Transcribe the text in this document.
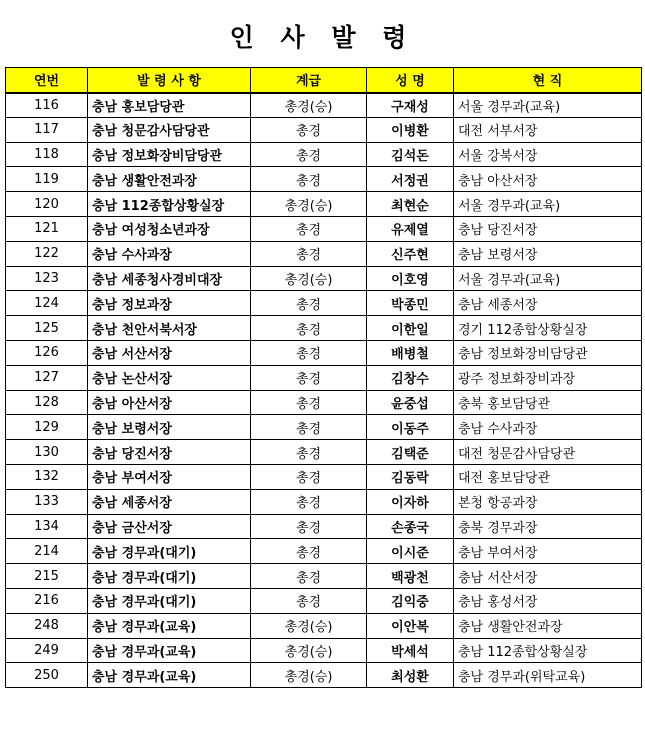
인 사 발 령
연번	발 령 사 항	계급	성 명	현 직
116	충남 홍보담당관	총경(승)	구재성	서울 경무과(교육)
117	충남 청문감사담당관	총경	이병환	대전 서부서장
118	충남 정보화장비담당관	총경	김석돈	서울 강북서장
119	충남 생활안전과장	총경	서정권	충남 아산서장
120	충남 112종합상황실장	총경(승)	최현순	서울 경무과(교육)
121	충남 여성청소년과장	총경	유제열	충남 당진서장
122	충남 수사과장	총경	신주현	충남 보령서장
123	충남 세종청사경비대장	총경(승)	이호영	서울 경무과(교육)
124	충남 정보과장	총경	박종민	충남 세종서장
125	충남 천안서북서장	총경	이한일	경기 112종합상황실장
126	충남 서산서장	총경	배병철	충남 정보화장비담당관
127	충남 논산서장	총경	김창수	광주 정보화장비과장
128	충남 아산서장	총경	윤중섭	충북 홍보담당관
129	충남 보령서장	총경	이동주	충남 수사과장
130	충남 당진서장	총경	김택준	대전 청문감사담당관
132	충남 부여서장	총경	김동락	대전 홍보담당관
133	충남 세종서장	총경	이자하	본청 항공과장
134	충남 금산서장	총경	손종국	충북 경무과장
214	충남 경무과(대기)	총경	이시준	충남 부여서장
215	충남 경무과(대기)	총경	백광천	충남 서산서장
216	충남 경무과(대기)	총경	김익중	충남 홍성서장
248	충남 경무과(교육)	총경(승)	이안복	충남 생활안전과장
249	충남 경무과(교육)	총경(승)	박세석	충남 112종합상황실장
250	충남 경무과(교육)	총경(승)	최성환	충남 경무과(위탁교육)
